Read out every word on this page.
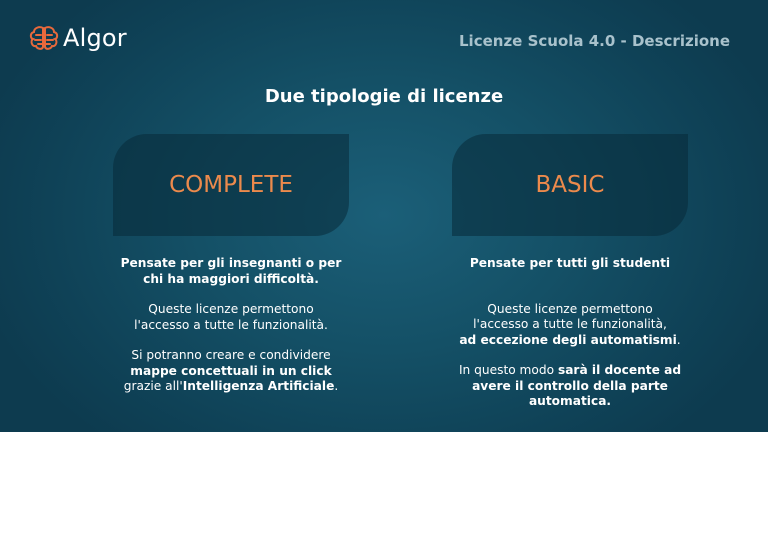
Algor	Licenze Scuola 4.0 - Descrizione
Due tipologie di licenze
COMPLETE	BASIC

Pensate per gli insegnanti o per

chi ha maggiori difficoltà.

Queste licenze permettono

l'accesso a tutte le funzionalità.

Si potranno creare e condividere

mappe concettuali in un click

grazie all'Intelligenza Artificiale.

Pensate per tutti gli studenti

Queste licenze permettono

l'accesso a tutte le funzionalità,

ad eccezione degli automatismi.

In questo modo sarà il docente ad

avere il controllo della parte

automatica.
